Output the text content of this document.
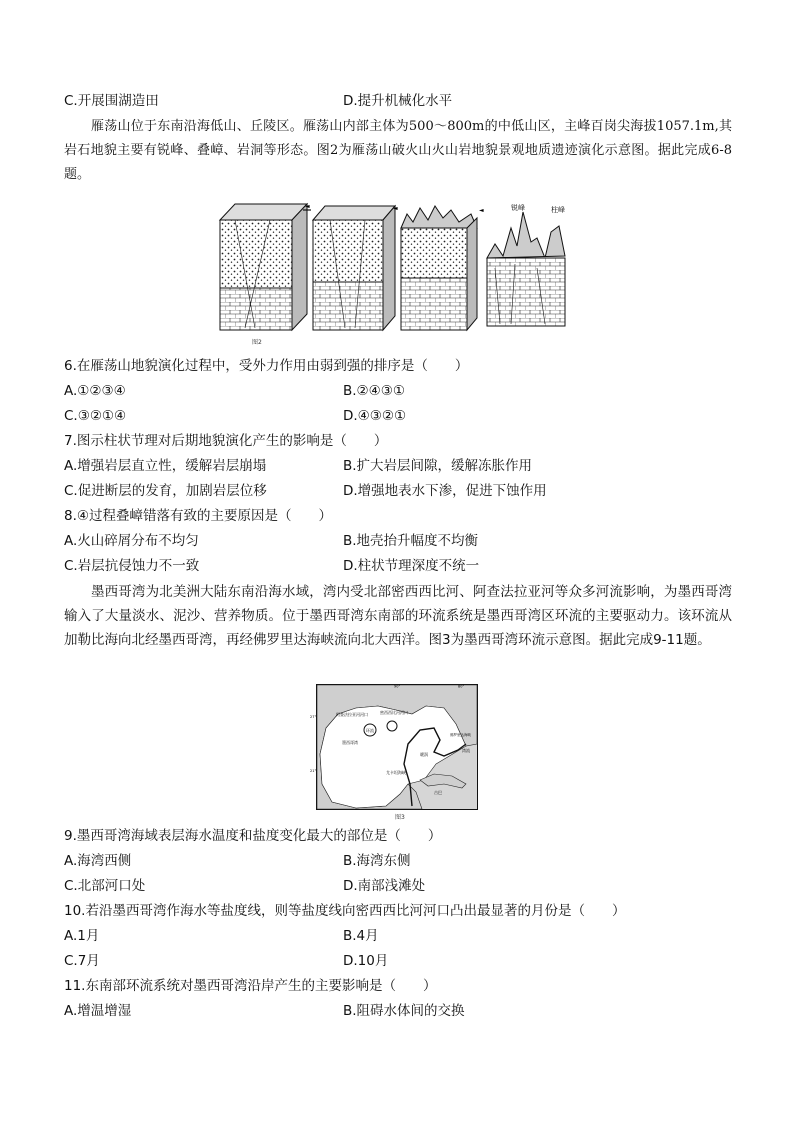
C.开展围湖造田	D.提升机械化水平
雁荡山位于东南沿海低山、丘陵区。雁荡山内部主体为500～800m的中低山区，主峰百岗尖海拔1057.1m,其岩石地貌主要有锐峰、叠嶂、岩洞等形态。图2为雁荡山破火山火山岩地貌景观地质遗迹演化示意图。据此完成6-8题。
◄	◄	◄	锐峰	柱峰
图2
6.在雁荡山地貌演化过程中，受外力作用由弱到强的排序是（　　）
A.①②③④	B.②④③①
C.③②①④	D.④③②①
7.图示柱状节理对后期地貌演化产生的影响是（　　）
A.增强岩层直立性，缓解岩层崩塌	B.扩大岩层间隙，缓解冻胀作用
C.促进断层的发育，加剧岩层位移	D.增强地表水下渗，促进下蚀作用
8.④过程叠嶂错落有致的主要原因是（　　）
A.火山碎屑分布不均匀	B.地壳抬升幅度不均衡
C.岩层抗侵蚀力不一致	D.柱状节理深度不统一
墨西哥湾为北美洲大陆东南沿海水域，湾内受北部密西西比河、阿查法拉亚河等众多河流影响，为墨西哥湾输入了大量淡水、泥沙、营养物质。位于墨西哥湾东南部的环流系统是墨西哥湾区环流的主要驱动力。该环流从加勒比海向北经墨西哥湾，再经佛罗里达海峡流向北大西洋。图3为墨西哥湾环流示意图。据此完成9-11题。
90°	80°
27°
21°
阿查法拉亚河河口	密西西比河河口
墨西哥湾
环流
暖涡
佛罗里达海峡
尤卡坦海峡
古巴
湾流
图3
9.墨西哥湾海域表层海水温度和盐度变化最大的部位是（　　）
A.海湾西侧	B.海湾东侧
C.北部河口处	D.南部浅滩处
10.若沿墨西哥湾作海水等盐度线，则等盐度线向密西西比河河口凸出最显著的月份是（　　）
A.1月	B.4月
C.7月	D.10月
11.东南部环流系统对墨西哥湾沿岸产生的主要影响是（　　）
A.增温增湿	B.阻碍水体间的交换
